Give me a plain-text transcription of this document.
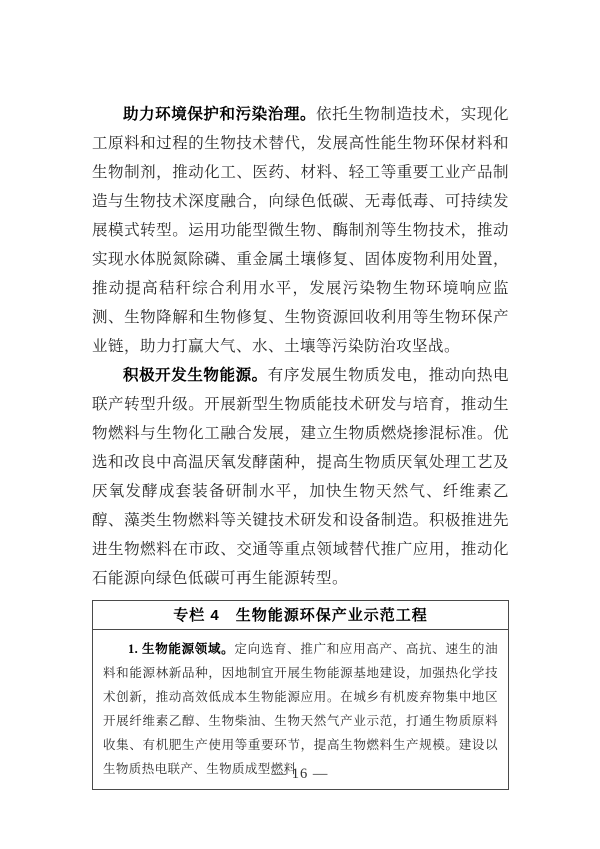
助力环境保护和污染治理。依托生物制造技术，实现化工原料和过程的生物技术替代，发展高性能生物环保材料和生物制剂，推动化工、医药、材料、轻工等重要工业产品制造与生物技术深度融合，向绿色低碳、无毒低毒、可持续发展模式转型。运用功能型微生物、酶制剂等生物技术，推动实现水体脱氮除磷、重金属土壤修复、固体废物利用处置，推动提高秸秆综合利用水平，发展污染物生物环境响应监测、生物降解和生物修复、生物资源回收利用等生物环保产业链，助力打赢大气、水、土壤等污染防治攻坚战。

积极开发生物能源。有序发展生物质发电，推动向热电联产转型升级。开展新型生物质能技术研发与培育，推动生物燃料与生物化工融合发展，建立生物质燃烧掺混标准。优选和改良中高温厌氧发酵菌种，提高生物质厌氧处理工艺及厌氧发酵成套装备研制水平，加快生物天然气、纤维素乙醇、藻类生物燃料等关键技术研发和设备制造。积极推进先进生物燃料在市政、交通等重点领域替代推广应用，推动化石能源向绿色低碳可再生能源转型。

专栏 4　生物能源环保产业示范工程
1. 生物能源领域。定向选育、推广和应用高产、高抗、速生的油料和能源林新品种，因地制宜开展生物能源基地建设，加强热化学技术创新，推动高效低成本生物能源应用。在城乡有机废弃物集中地区开展纤维素乙醇、生物柴油、生物天然气产业示范，打通生物质原料收集、有机肥生产使用等重要环节，提高生物燃料生产规模。建设以生物质热电联产、生物质成型燃料
— 16 —
